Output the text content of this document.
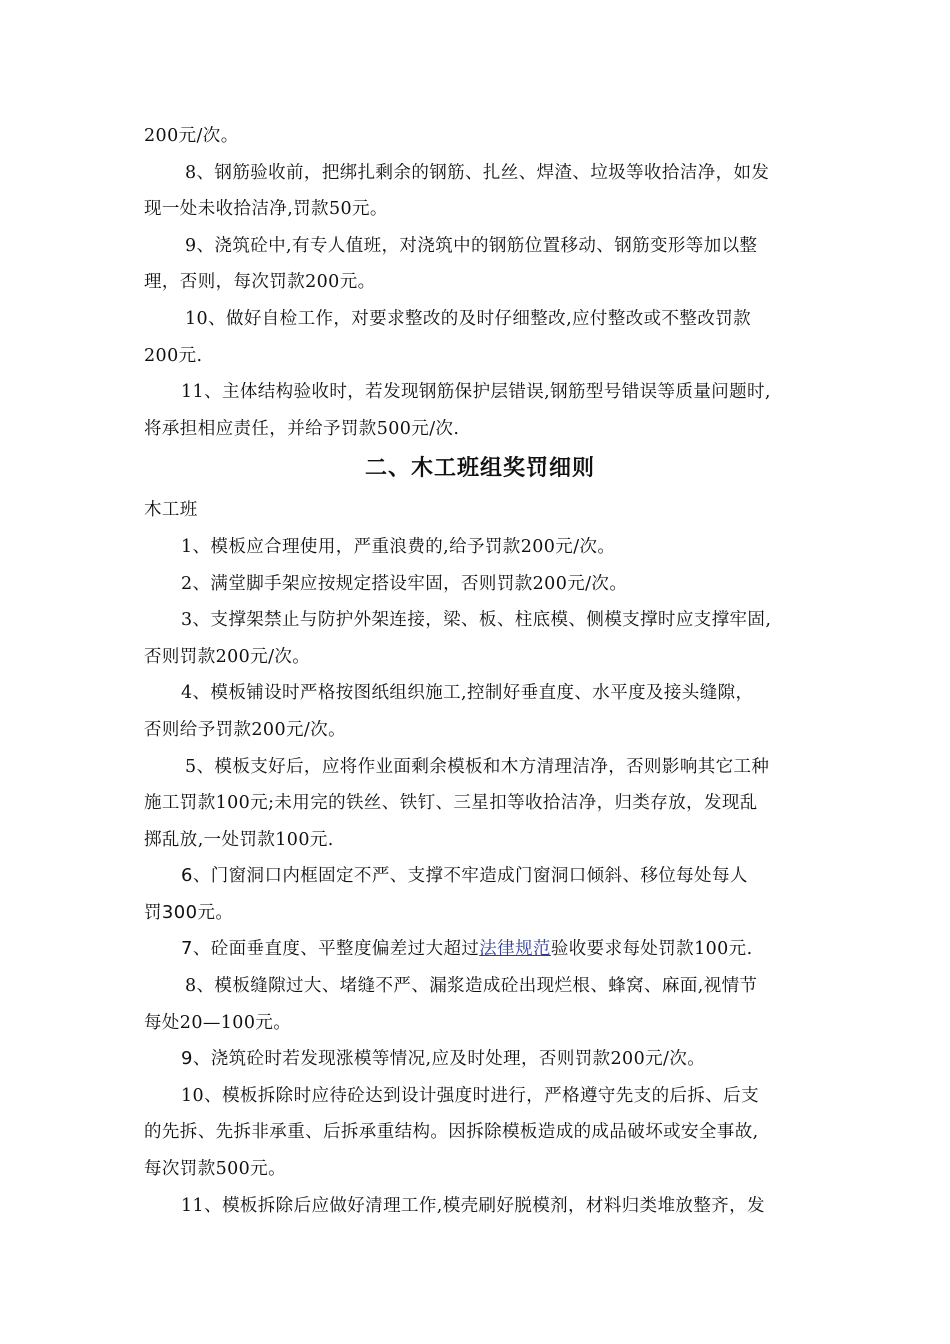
200元/次。
8、钢筋验收前，把绑扎剩余的钢筋、扎丝、焊渣、垃圾等收拾洁净，如发
现一处未收拾洁净,罚款50元。
9、浇筑砼中,有专人值班，对浇筑中的钢筋位置移动、钢筋变形等加以整
理，否则，每次罚款200元。
10、做好自检工作，对要求整改的及时仔细整改,应付整改或不整改罚款
200元.
11、主体结构验收时，若发现钢筋保护层错误,钢筋型号错误等质量问题时,
将承担相应责任，并给予罚款500元/次.
二、木工班组奖罚细则
木工班
1、模板应合理使用，严重浪费的,给予罚款200元/次。
2、满堂脚手架应按规定搭设牢固，否则罚款200元/次。
3、支撑架禁止与防护外架连接，梁、板、柱底模、侧模支撑时应支撑牢固,
否则罚款200元/次。
4、模板铺设时严格按图纸组织施工,控制好垂直度、水平度及接头缝隙，
否则给予罚款200元/次。
5、模板支好后，应将作业面剩余模板和木方清理洁净，否则影响其它工种
施工罚款100元;未用完的铁丝、铁钉、三星扣等收拾洁净，归类存放，发现乱
掷乱放,一处罚款100元.
6、门窗洞口内框固定不严、支撑不牢造成门窗洞口倾斜、移位每处每人
罚300元。
7、砼面垂直度、平整度偏差过大超过法律规范验收要求每处罚款100元.
8、模板缝隙过大、堵缝不严、漏浆造成砼出现烂根、蜂窝、麻面,视情节
每处20—100元。
9、浇筑砼时若发现涨模等情况,应及时处理，否则罚款200元/次。
10、模板拆除时应待砼达到设计强度时进行，严格遵守先支的后拆、后支
的先拆、先拆非承重、后拆承重结构。因拆除模板造成的成品破坏或安全事故,
每次罚款500元。
11、模板拆除后应做好清理工作,模壳刷好脱模剂，材料归类堆放整齐，发
